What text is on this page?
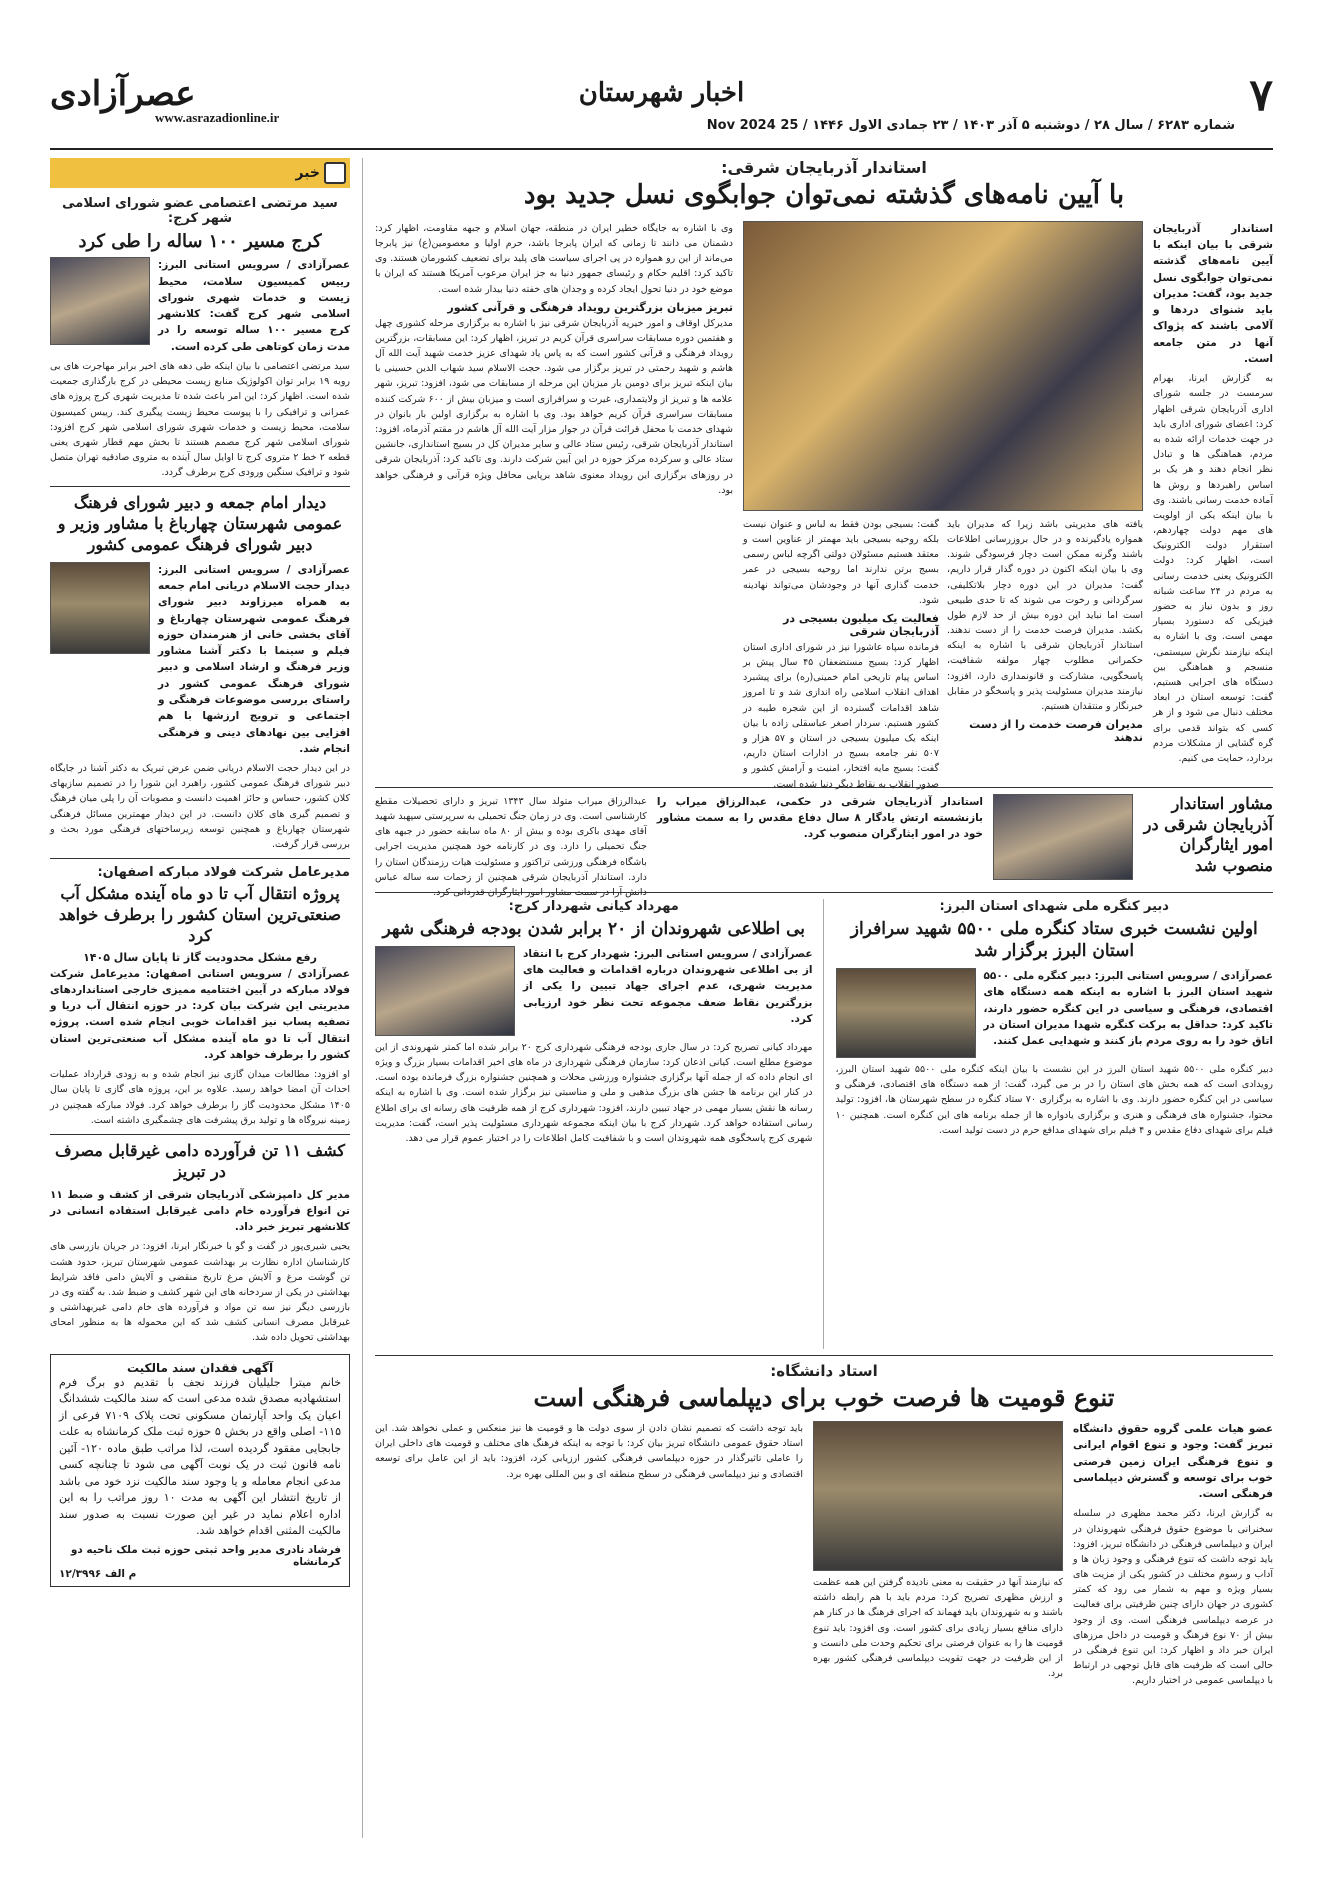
۷
اخبار شهرستان
عصرآزادی
www.asrazadionline.ir
شماره ۶۲۸۳ / سال ۲۸ / دوشنبه ۵ آذر ۱۴۰۳ / ۲۳ جمادی الاول ۱۴۴۶ / 25 Nov 2024
خبر
سید مرتضی اعتصامی عضو شورای اسلامی شهر کرج:
کرج مسیر ۱۰۰ ساله را طی کرد
عصرآزادی / سرویس استانی البرز: رییس کمیسیون سلامت، محیط زیست و خدمات شهری شورای اسلامی شهر کرج گفت: کلانشهر کرج مسیر ۱۰۰ ساله توسعه را در مدت زمان کوتاهی طی کرده است.
سید مرتضی اعتصامی با بیان اینکه طی دهه های اخیر برابر مهاجرت های بی رویه ۱۹ برابر توان اکولوژیک منابع زیست محیطی در کرج بارگذاری جمعیت شده است. اظهار کرد: این امر باعث شده تا مدیریت شهری کرج پروژه های عمرانی و ترافیکی را با پیوست محیط زیست پیگیری کند. رییس کمیسیون سلامت، محیط زیست و خدمات شهری شورای اسلامی شهر کرج افزود: شورای اسلامی شهر کرج مصمم هستند تا بخش مهم قطار شهری یعنی قطعه ۲ خط ۲ متروی کرج تا اوایل سال آینده به متروی صادقیه تهران متصل شود و ترافیک سنگین ورودی کرج برطرف گردد.
دیدار امام جمعه و دبیر شورای فرهنگ عمومی شهرستان چهارباغ با مشاور وزیر و دبیر شورای فرهنگ عمومی کشور
عصرآزادی / سرویس استانی البرز: دیدار حجت الاسلام دریانی امام جمعه به همراه میرزاوند دبیر شورای فرهنگ عمومی شهرستان چهارباغ و آقای بخشی خانی از هنرمندان حوزه فیلم و سینما با دکتر آشنا مشاور وزیر فرهنگ و ارشاد اسلامی و دبیر شورای فرهنگ عمومی کشور در راستای بررسی موضوعات فرهنگی و اجتماعی و ترویج ارزشها با هم افزایی بین نهادهای دینی و فرهنگی انجام شد.
در این دیدار حجت الاسلام دریانی ضمن عرض تبریک به دکتر آشنا در جایگاه دبیر شورای فرهنگ عمومی کشور، راهبرد این شورا را در تصمیم سازیهای کلان کشور، حساس و حائز اهمیت دانست و مصوبات آن را پلی میان فرهنگ و تصمیم گیری های کلان دانست. در این دیدار مهمترین مسائل فرهنگی شهرستان چهارباغ و همچنین توسعه زیرساختهای فرهنگی مورد بحث و بررسی قرار گرفت.
مدیرعامل شرکت فولاد مبارکه اصفهان:
پروژه انتقال آب تا دو ماه آینده مشکل آب صنعتی‌ترین استان کشور را برطرف خواهد کرد
رفع مشکل محدودیت گاز تا پایان سال ۱۴۰۵
عصرآزادی / سرویس استانی اصفهان: مدیرعامل شرکت فولاد مبارکه در آیین اختتامیه ممیزی خارجی استانداردهای مدیریتی این شرکت بیان کرد: در حوزه انتقال آب دریا و تصفیه پساب نیز اقدامات خوبی انجام شده است. پروژه انتقال آب تا دو ماه آینده مشکل آب صنعتی‌ترین استان کشور را برطرف خواهد کرد.
او افزود: مطالعات میدان گازی نیز انجام شده و به زودی قرارداد عملیات احداث آن امضا خواهد رسید. علاوه بر این، پروژه های گازی تا پایان سال ۱۴۰۵ مشکل محدودیت گاز را برطرف خواهد کرد. فولاد مبارکه همچنین در زمینه نیروگاه ها و تولید برق پیشرفت های چشمگیری داشته است.
کشف ۱۱ تن فرآورده دامی غیرقابل مصرف در تبریز
مدیر کل دامپزشکی آذربایجان شرقی از کشف و ضبط ۱۱ تن انواع فرآورده خام دامی غیرقابل استفاده انسانی در کلانشهر تبریز خبر داد.
یحیی شیری‌پور در گفت و گو با خبرنگار ایرنا، افزود: در جریان بازرسی های کارشناسان اداره نظارت بر بهداشت عمومی شهرستان تبریز، حدود هشت تن گوشت مرغ و آلایش مرغ تاریخ منقضی و آلایش دامی فاقد شرایط بهداشتی در یکی از سردخانه های این شهر کشف و ضبط شد. به گفته وی در بازرسی دیگر نیز سه تن مواد و فرآورده های خام دامی غیربهداشتی و غیرقابل مصرف انسانی کشف شد که این محموله ها به منظور امحای بهداشتی تحویل داده شد.
آگهی فقدان سند مالکیت
خانم میترا جلیلیان فرزند نجف با تقدیم دو برگ فرم استشهادیه مصدق شده مدعی است که سند مالکیت ششدانگ اعیان یک واحد آپارتمان مسکونی تحت پلاک ۷۱۰۹ فرعی از ۱۱۵- اصلی واقع در بخش ۵ حوزه ثبت ملک کرمانشاه به علت جابجایی مفقود گردیده است، لذا مراتب طبق ماده ۱۲۰- آئین نامه قانون ثبت در یک نوبت آگهی می شود تا چنانچه کسی مدعی انجام معامله و یا وجود سند مالکیت نزد خود می باشد از تاریخ انتشار این آگهی به مدت ۱۰ روز مراتب را به این اداره اعلام نماید در غیر این صورت نسبت به صدور سند مالکیت المثنی اقدام خواهد شد.
فرشاد نادری مدیر واحد ثبتی حوزه ثبت ملک ناحیه دو کرمانشاه
م الف ۱۲/۳۹۹۶
استاندار آذربایجان شرقی:
با آیین نامه‌های گذشته نمی‌توان جوابگوی نسل جدید بود
استاندار آذربایجان شرقی با بیان اینکه با آیین نامه‌های گذشته نمی‌توان جوابگوی نسل جدید بود، گفت: مدیران باید شنوای دردها و آلامی باشند که پژواک آنها در متن جامعه است.
به گزارش ایرنا، بهرام سرمست در جلسه شورای اداری آذربایجان شرقی اظهار کرد: اعضای شورای اداری باید در جهت خدمات ارائه شده به مردم، هماهنگی ها و تبادل نظر انجام دهند و هر یک بر اساس راهبردها و روش ها آماده خدمت رسانی باشند. وی با بیان اینکه یکی از اولویت های مهم دولت چهاردهم، استقرار دولت الکترونیک است، اظهار کرد: دولت الکترونیک یعنی خدمت رسانی به مردم در ۲۴ ساعت شبانه روز و بدون نیاز به حضور فیزیکی که دستورد بسیار مهمی است. وی با اشاره به اینکه نیازمند نگرش سیستمی، منسجم و هماهنگی بین دستگاه های اجرایی هستیم، گفت: توسعه استان در ابعاد مختلف دنبال می شود و از هر کسی که بتواند قدمی برای گره گشایی از مشکلات مردم بردارد، حمایت می کنیم.
یافته های مدیریتی باشد زیرا که مدیران باید همواره یادگیرنده و در حال بروزرسانی اطلاعات باشند وگرنه ممکن است دچار فرسودگی شوند. وی با بیان اینکه اکنون در دوره گذار قرار داریم، گفت: مدیران در این دوره دچار بلاتکلیفی، سرگردانی و رخوت می شوند که تا حدی طبیعی است اما نباید این دوره بیش از حد لازم طول بکشد. مدیران فرصت خدمت را از دست ندهند. استاندار آذربایجان شرقی با اشاره به اینکه حکمرانی مطلوب چهار مولفه شفافیت، پاسخگویی، مشارکت و قانونمداری دارد، افزود: نیازمند مدیران مسئولیت پذیر و پاسخگو در مقابل خبرنگار و منتقدان هستیم.
مدیران فرصت خدمت را از دست ندهند
گفت: بسیجی بودن فقط به لباس و عنوان نیست بلکه روحیه بسیجی باید مهمتر از عناوین است و معتقد هستیم مسئولان دولتی اگرچه لباس رسمی بسیج برتن ندارند اما روحیه بسیجی در عمر خدمت گذاری آنها در وجودشان می‌تواند نهادینه شود.
فعالیت یک میلیون بسیجی در آذربایجان شرقی
فرمانده سپاه عاشورا نیز در شورای اداری استان اظهار کرد: بسیج مستضعفان ۴۵ سال پیش بر اساس پیام تاریخی امام خمینی(ره) برای پیشبرد اهداف انقلاب اسلامی راه اندازی شد و تا امروز شاهد اقدامات گسترده از این شجره طیبه در کشور هستیم. سردار اصغر عباسقلی زاده با بیان اینکه یک میلیون بسیجی در استان و ۵۷ هزار و ۵۰۷ نفر جامعه بسیج در ادارات استان داریم، گفت: بسیج مایه افتخار، امنیت و آرامش کشور و صدور انقلاب به نقاط دیگر دنیا شده است.
وی با اشاره به جایگاه خطیر ایران در منطقه، جهان اسلام و جبهه مقاومت، اظهار کرد: دشمنان می دانند تا زمانی که ایران پابرجا باشد، حرم اولیا و معصومین(ع) نیز پابرجا می‌ماند از این رو همواره در پی اجرای سیاست های پلید برای تضعیف کشورمان هستند. وی تاکید کرد: اقلیم حکام و رئیسای جمهور دنیا به جز ایران مرعوب آمریکا هستند که ایران با موضع خود در دنیا تحول ایجاد کرده و وجدان های خفته دنیا بیدار شده است.
تبریز میزبان بزرگترین رویداد فرهنگی و قرآنی کشور
مدیرکل اوقاف و امور خیریه آذربایجان شرقی نیز با اشاره به برگزاری مرحله کشوری چهل و هفتمین دوره مسابقات سراسری قرآن کریم در تبریز، اظهار کرد: این مسابقات، بزرگترین رویداد فرهنگی و قرآنی کشور است که به پاس یاد شهدای عزیز خدمت شهید آیت الله آل هاشم و شهید رحمتی در تبریز برگزار می شود. حجت الاسلام سید شهاب الدین حسینی با بیان اینکه تبریز برای دومین بار میزبان این مرحله از مسابقات می شود، افزود: تبریز، شهر علامه ها و تبریز از ولایتمداری، غیرت و سرافرازی است و میزبان بیش از ۶۰۰ شرکت کننده مسابقات سراسری قرآن کریم خواهد بود. وی با اشاره به برگزاری اولین بار بانوان در شهدای خدمت با محفل قرائت قرآن در جوار مزار آیت الله آل هاشم در مقتم آذرماه، افزود: استاندار آذربایجان شرقی، رئیس ستاد عالی و سایر مدیران کل در بسیج استانداری، جانشین ستاد عالی و سرکرده مرکز حوزه در این آیین شرکت دارند. وی تاکید کرد: آذربایجان شرقی در روزهای برگزاری این رویداد معنوی شاهد برپایی محافل ویژه قرآنی و فرهنگی خواهد بود.
مشاور استاندار آذربایجان شرقی در امور ایثارگران منصوب شد
استاندار آذربایجان شرقی در حکمی، عبدالرزاق میراب را بازنشسته ارتش یادگار ۸ سال دفاع مقدس را به سمت مشاور خود در امور ایثارگران منصوب کرد.
عبدالرزاق میراب متولد سال ۱۳۴۳ تبریز و دارای تحصیلات مقطع کارشناسی است. وی در زمان جنگ تحمیلی به سرپرستی سپهبد شهید آقای مهدی باکری بوده و بیش از ۸۰ ماه سابقه حضور در جبهه های جنگ تحمیلی را دارد. وی در کارنامه خود همچنین مدیریت اجرایی باشگاه فرهنگی ورزشی تراکتور و مسئولیت هیات رزمندگان استان را دارد. استاندار آذربایجان شرقی همچنین از زحمات سه ساله عباس دانش آرا در سمت مشاور امور ایثارگران قدردانی کرد.
دبیر کنگره ملی شهدای استان البرز:
اولین نشست خبری ستاد کنگره ملی ۵۵۰۰ شهید سرافراز استان البرز برگزار شد
عصرآزادی / سرویس استانی البرز: دبیر کنگره ملی ۵۵۰۰ شهید استان البرز با اشاره به اینکه همه دستگاه های اقتصادی، فرهنگی و سیاسی در این کنگره حضور دارند، تاکید کرد: حداقل به برکت کنگره شهدا مدیران استان در اتاق خود را به روی مردم باز کنند و شهدایی عمل کنند.
دبیر کنگره ملی ۵۵۰۰ شهید استان البرز در این نشست با بیان اینکه کنگره ملی ۵۵۰۰ شهید استان البرز، رویدادی است که همه بخش های استان را در بر می گیرد، گفت: از همه دستگاه های اقتصادی، فرهنگی و سیاسی در این کنگره حضور دارند. وی با اشاره به برگزاری ۷۰ ستاد کنگره در سطح شهرستان ها، افزود: تولید محتوا، جشنواره های فرهنگی و هنری و برگزاری یادواره ها از جمله برنامه های این کنگره است. همچنین ۱۰ فیلم برای شهدای دفاع مقدس و ۴ فیلم برای شهدای مدافع حرم در دست تولید است.
مهرداد کیانی شهردار کرج:
بی اطلاعی شهروندان از ۲۰ برابر شدن بودجه فرهنگی شهر
عصرآزادی / سرویس استانی البرز: شهردار کرج با انتقاد از بی اطلاعی شهروندان درباره اقدامات و فعالیت های مدیریت شهری، عدم اجرای جهاد تبیین را یکی از بزرگترین نقاط ضعف مجموعه تحت نظر خود ارزیابی کرد.
مهرداد کیانی تصریح کرد: در سال جاری بودجه فرهنگی شهرداری کرج ۲۰ برابر شده اما کمتر شهروندی از این موضوع مطلع است. کیانی اذعان کرد: سازمان فرهنگی شهرداری در ماه های اخیر اقدامات بسیار بزرگ و ویژه ای انجام داده که از جمله آنها برگزاری جشنواره ورزشی محلات و همچنین جشنواره بزرگ فرمانده بوده است. در کنار این برنامه ها جشن های بزرگ مذهبی و ملی و مناسبتی نیز برگزار شده است. وی با اشاره به اینکه رسانه ها نقش بسیار مهمی در جهاد تبیین دارند، افزود: شهرداری کرج از همه ظرفیت های رسانه ای برای اطلاع رسانی استفاده خواهد کرد. شهردار کرج با بیان اینکه مجموعه شهرداری مسئولیت پذیر است، گفت: مدیریت شهری کرج پاسخگوی همه شهروندان است و با شفافیت کامل اطلاعات را در اختیار عموم قرار می دهد.
استاد دانشگاه:
تنوع قومیت ها فرصت خوب برای دیپلماسی فرهنگی است
عضو هیات علمی گروه حقوق دانشگاه تبریز گفت: وجود و تنوع اقوام ایرانی و تنوع فرهنگی ایران زمین فرصتی خوب برای توسعه و گسترش دیپلماسی فرهنگی است.
به گزارش ایرنا، دکتر محمد مظهری در سلسله سخنرانی با موضوع حقوق فرهنگی شهروندان در ایران و دیپلماسی فرهنگی در دانشگاه تبریز، افزود: باید توجه داشت که تنوع فرهنگی و وجود زبان ها و آداب و رسوم مختلف در کشور یکی از مزیت های بسیار ویژه و مهم به شمار می رود که کمتر کشوری در جهان دارای چنین ظرفیتی برای فعالیت در عرصه دیپلماسی فرهنگی است. وی از وجود بیش از ۷۰ نوع فرهنگ و قومیت در داخل مرزهای ایران خبر داد و اظهار کرد: این تنوع فرهنگی در حالی است که ظرفیت های قابل توجهی در ارتباط با دیپلماسی عمومی در اختیار داریم.
که نیازمند آنها در حقیقت به معنی نادیده گرفتن این همه عظمت و ارزش مظهری تصریح کرد: مردم باید با هم رابطه داشته باشند و به شهروندان باید فهماند که اجرای فرهنگ ها در کنار هم دارای منافع بسیار زیادی برای کشور است. وی افزود: باید تنوع قومیت ها را به عنوان فرصتی برای تحکیم وحدت ملی دانست و از این ظرفیت در جهت تقویت دیپلماسی فرهنگی کشور بهره برد.
باید توجه داشت که تصمیم نشان دادن از سوی دولت ها و قومیت ها نیز منعکس و عملی نخواهد شد. این استاد حقوق عمومی دانشگاه تبریز بیان کرد: با توجه به اینکه فرهنگ های مختلف و قومیت های داخلی ایران را عاملی تاثیرگذار در حوزه دیپلماسی فرهنگی کشور ارزیابی کرد، افزود: باید از این عامل برای توسعه اقتصادی و نیز دیپلماسی فرهنگی در سطح منطقه ای و بین المللی بهره برد.
